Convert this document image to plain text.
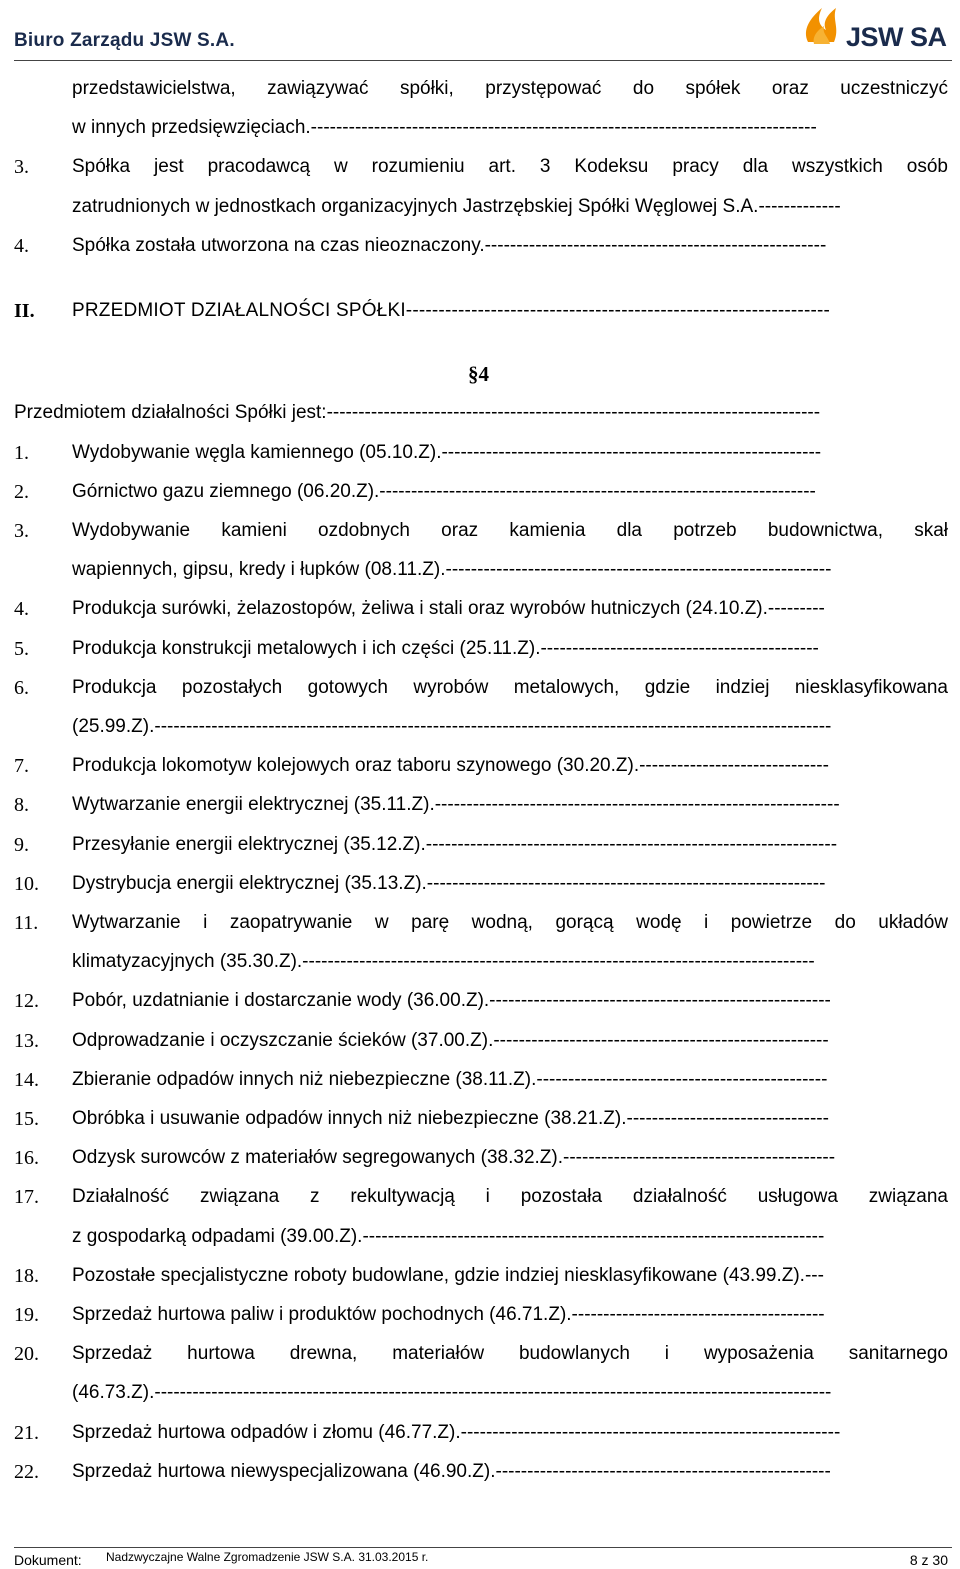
Biuro Zarządu JSW S.A.	JSW SA
przedstawicielstwa, zawiązywać spółki, przystępować do spółek oraz uczestniczyć
w innych przedsięwzięciach.--------------------------------------------------------------------------------
3. Spółka jest pracodawcą w rozumieniu art. 3 Kodeksu pracy dla wszystkich osób
zatrudnionych w jednostkach organizacyjnych Jastrzębskiej Spółki Węglowej S.A.-------------
4. Spółka została utworzona na czas nieoznaczony.------------------------------------------------------
II. PRZEDMIOT DZIAŁALNOŚCI SPÓŁKI-----------------------------------------------------------------
§4
Przedmiotem działalności Spółki jest:------------------------------------------------------------------------------
1. Wydobywanie węgla kamiennego (05.10.Z).------------------------------------------------------------
2. Górnictwo gazu ziemnego (06.20.Z).---------------------------------------------------------------------
3. Wydobywanie kamieni ozdobnych oraz kamienia dla potrzeb budownictwa, skał
wapiennych, gipsu, kredy i łupków (08.11.Z).-------------------------------------------------------------
4. Produkcja surówki, żelazostopów, żeliwa i stali oraz wyrobów hutniczych (24.10.Z).---------
5. Produkcja konstrukcji metalowych i ich części (25.11.Z).--------------------------------------------
6. Produkcja pozostałych gotowych wyrobów metalowych, gdzie indziej niesklasyfikowana
(25.99.Z).-----------------------------------------------------------------------------------------------------------
7. Produkcja lokomotyw kolejowych oraz taboru szynowego (30.20.Z).------------------------------
8. Wytwarzanie energii elektrycznej (35.11.Z).----------------------------------------------------------------
9. Przesyłanie energii elektrycznej (35.12.Z).-----------------------------------------------------------------
10. Dystrybucja energii elektrycznej (35.13.Z).---------------------------------------------------------------
11. Wytwarzanie i zaopatrywanie w parę wodną, gorącą wodę i powietrze do układów
klimatyzacyjnych (35.30.Z).---------------------------------------------------------------------------------
12. Pobór, uzdatnianie i dostarczanie wody (36.00.Z).------------------------------------------------------
13. Odprowadzanie i oczyszczanie ścieków (37.00.Z).-----------------------------------------------------
14. Zbieranie odpadów innych niż niebezpieczne (38.11.Z).----------------------------------------------
15. Obróbka i usuwanie odpadów innych niż niebezpieczne (38.21.Z).--------------------------------
16. Odzysk surowców z materiałów segregowanych (38.32.Z).-------------------------------------------
17. Działalność związana z rekultywacją i pozostała działalność usługowa związana
z gospodarką odpadami (39.00.Z).-------------------------------------------------------------------------
18. Pozostałe specjalistyczne roboty budowlane, gdzie indziej niesklasyfikowane (43.99.Z).---
19. Sprzedaż hurtowa paliw i produktów pochodnych (46.71.Z).----------------------------------------
20. Sprzedaż hurtowa drewna, materiałów budowlanych i wyposażenia sanitarnego
(46.73.Z).-----------------------------------------------------------------------------------------------------------
21. Sprzedaż hurtowa odpadów i złomu (46.77.Z).------------------------------------------------------------
22. Sprzedaż hurtowa niewyspecjalizowana (46.90.Z).-----------------------------------------------------
Dokument: Nadzwyczajne Walne Zgromadzenie JSW S.A. 31.03.2015 r.	8 z 30
